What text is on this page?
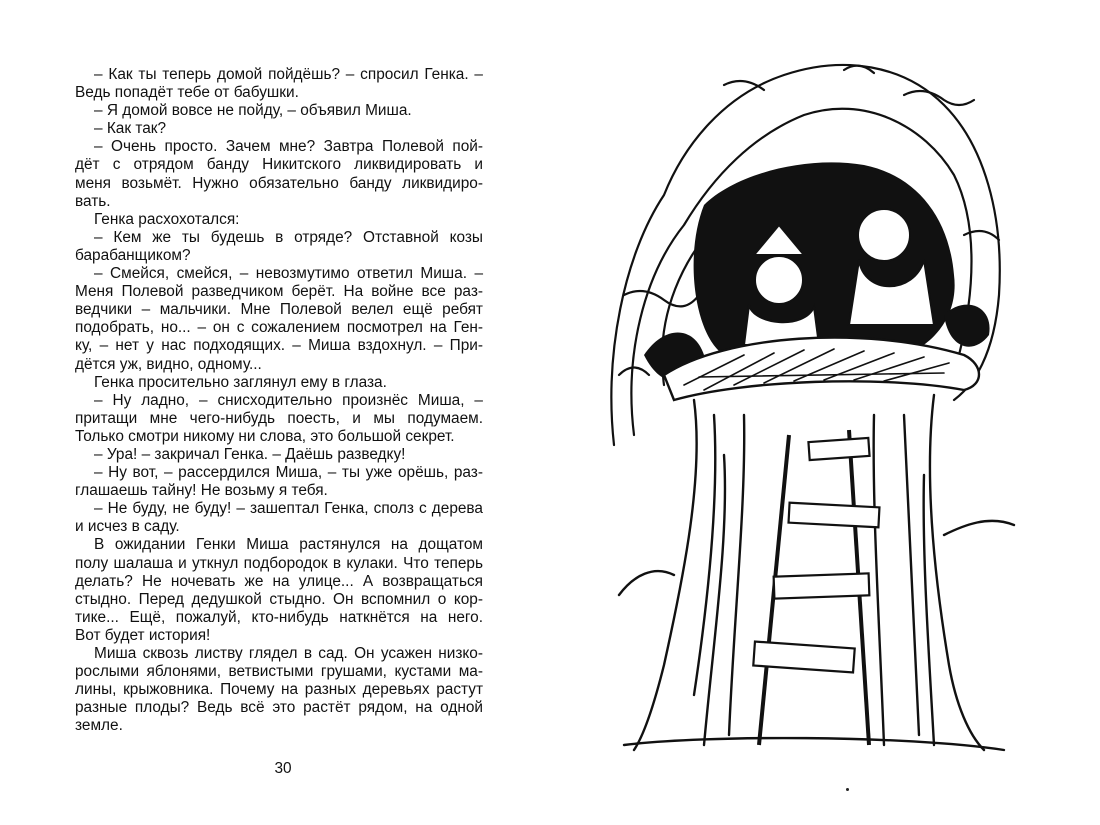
– Как ты теперь домой пойдёшь? – спросил Генка. –
Ведь попадёт тебе от бабушки.
– Я домой вовсе не пойду, – объявил Миша.
– Как так?
– Очень просто. Зачем мне? Завтра Полевой пой-
дёт с отрядом банду Никитского ликвидировать и
меня возьмёт. Нужно обязательно банду ликвидиро-
вать.
Генка расхохотался:
– Кем же ты будешь в отряде? Отставной козы
барабанщиком?
– Смейся, смейся, – невозмутимо ответил Миша. –
Меня Полевой разведчиком берёт. На войне все раз-
ведчики – мальчики. Мне Полевой велел ещё ребят
подобрать, но... – он с сожалением посмотрел на Ген-
ку, – нет у нас подходящих. – Миша вздохнул. – При-
дётся уж, видно, одному...
Генка просительно заглянул ему в глаза.
– Ну ладно, – снисходительно произнёс Миша, –
притащи мне чего-нибудь поесть, и мы подумаем.
Только смотри никому ни слова, это большой секрет.
– Ура! – закричал Генка. – Даёшь разведку!
– Ну вот, – рассердился Миша, – ты уже орёшь, раз-
глашаешь тайну! Не возьму я тебя.
– Не буду, не буду! – зашептал Генка, сполз с дерева
и исчез в саду.
В ожидании Генки Миша растянулся на дощатом
полу шалаша и уткнул подбородок в кулаки. Что теперь
делать? Не ночевать же на улице... А возвращаться
стыдно. Перед дедушкой стыдно. Он вспомнил о кор-
тике... Ещё, пожалуй, кто-нибудь наткнётся на него.
Вот будет история!
Миша сквозь листву глядел в сад. Он усажен низко-
рослыми яблонями, ветвистыми грушами, кустами ма-
лины, крыжовника. Почему на разных деревьях растут
разные плоды? Ведь всё это растёт рядом, на одной
земле.
30
